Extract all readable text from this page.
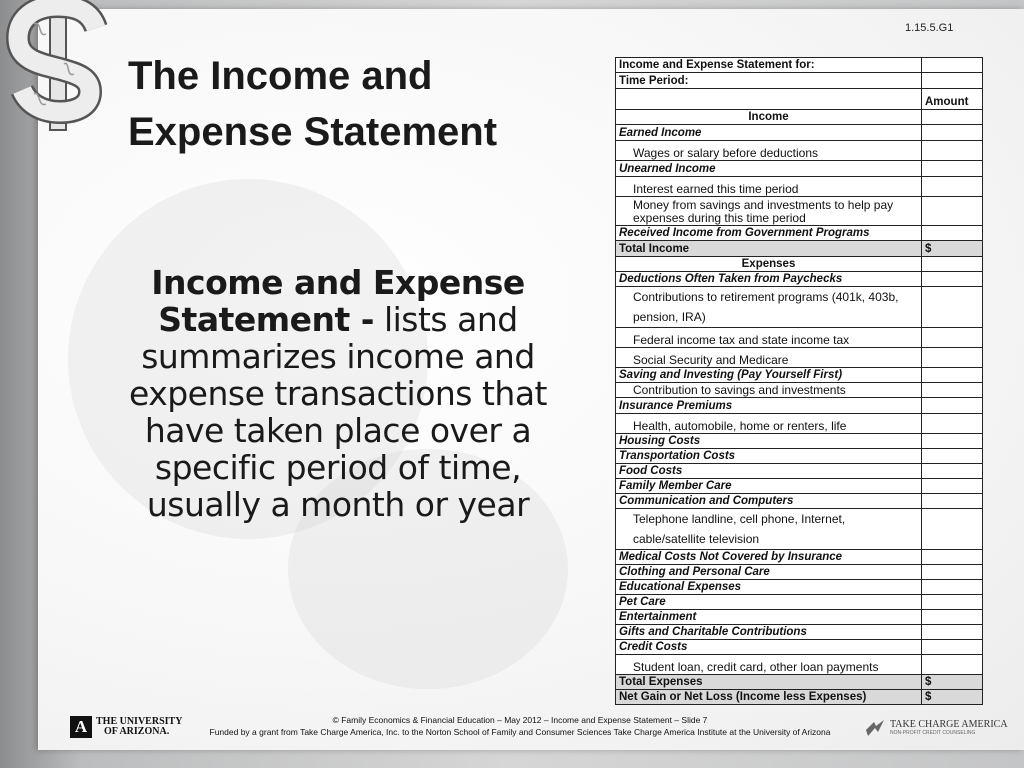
1.15.5.G1
The Income and
Expense Statement
Income and Expense Statement - lists and summarizes income and expense transactions that have taken place over a specific period of time, usually a month or year
Income and Expense Statement for:	
Time Period:	
	Amount
Income	
Earned Income	
Wages or salary before deductions	
Unearned Income	
Interest earned this time period	
Money from savings and investments to help pay expenses during this time period	
Received Income from Government Programs	
Total Income	$
Expenses	
Deductions Often Taken from Paychecks	
Contributions to retirement programs (401k, 403b, pension, IRA)	
Federal income tax and state income tax	
Social Security and Medicare	
Saving and Investing (Pay Yourself First)	
Contribution to savings and investments	
Insurance Premiums	
Health, automobile, home or renters, life	
Housing Costs	
Transportation Costs	
Food Costs	
Family Member Care	
Communication and Computers	
Telephone landline, cell phone, Internet, cable/satellite television	
Medical Costs Not Covered by Insurance	
Clothing and Personal Care	
Educational Expenses	
Pet Care	
Entertainment	
Gifts and Charitable Contributions	
Credit Costs	
Student loan, credit card, other loan payments	
Total Expenses	$
Net Gain or Net Loss (Income less Expenses)	$
A THE UNIVERSITY
OF ARIZONA.
© Family Economics & Financial Education – May 2012 – Income and Expense Statement – Slide 7
Funded by a grant from Take Charge America, Inc. to the Norton School of Family and Consumer Sciences Take Charge America Institute at the University of Arizona
TAKE CHARGE AMERICA
NON-PROFIT CREDIT COUNSELING
